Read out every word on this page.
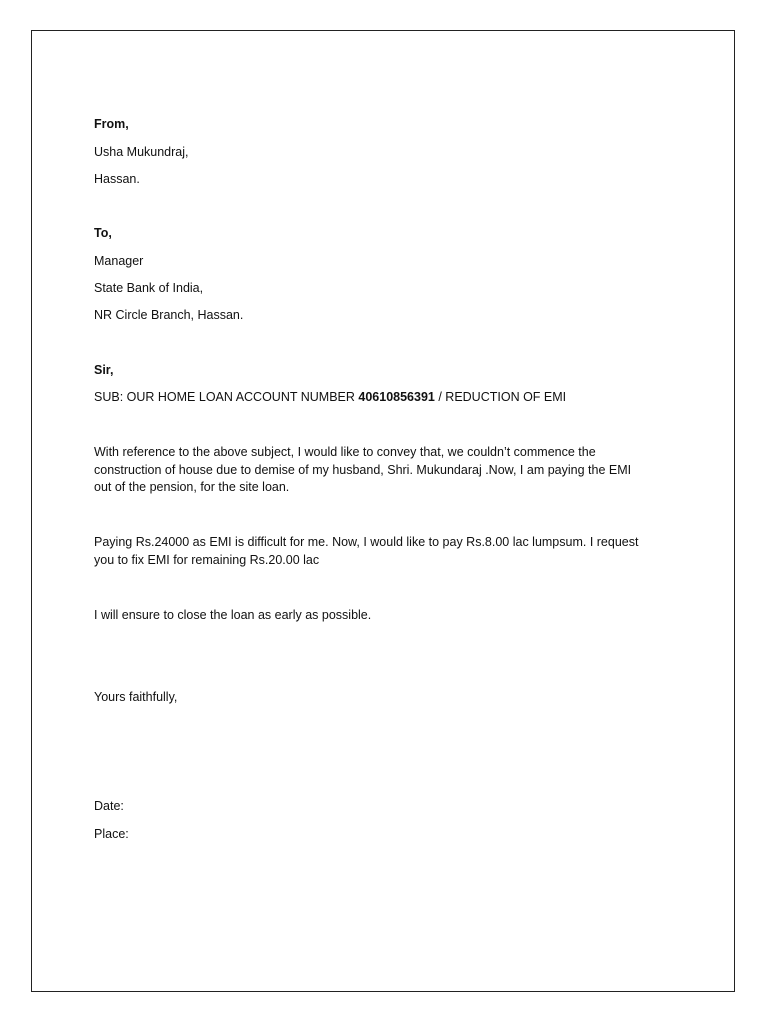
From,
Usha Mukundraj,
Hassan.
To,
Manager
State Bank of India,
NR Circle Branch, Hassan.
Sir,
SUB: OUR HOME LOAN ACCOUNT NUMBER 40610856391 / REDUCTION OF EMI
With reference to the above subject, I would like to convey that, we couldn’t commence the
construction of house due to demise of my husband, Shri. Mukundaraj .Now, I am paying the EMI
out of the pension, for the site loan.
Paying Rs.24000 as EMI is difficult for me. Now, I would like to pay Rs.8.00 lac lumpsum. I request
you to fix EMI for remaining Rs.20.00 lac
I will ensure to close the loan as early as possible.
Yours faithfully,
Date:
Place:
